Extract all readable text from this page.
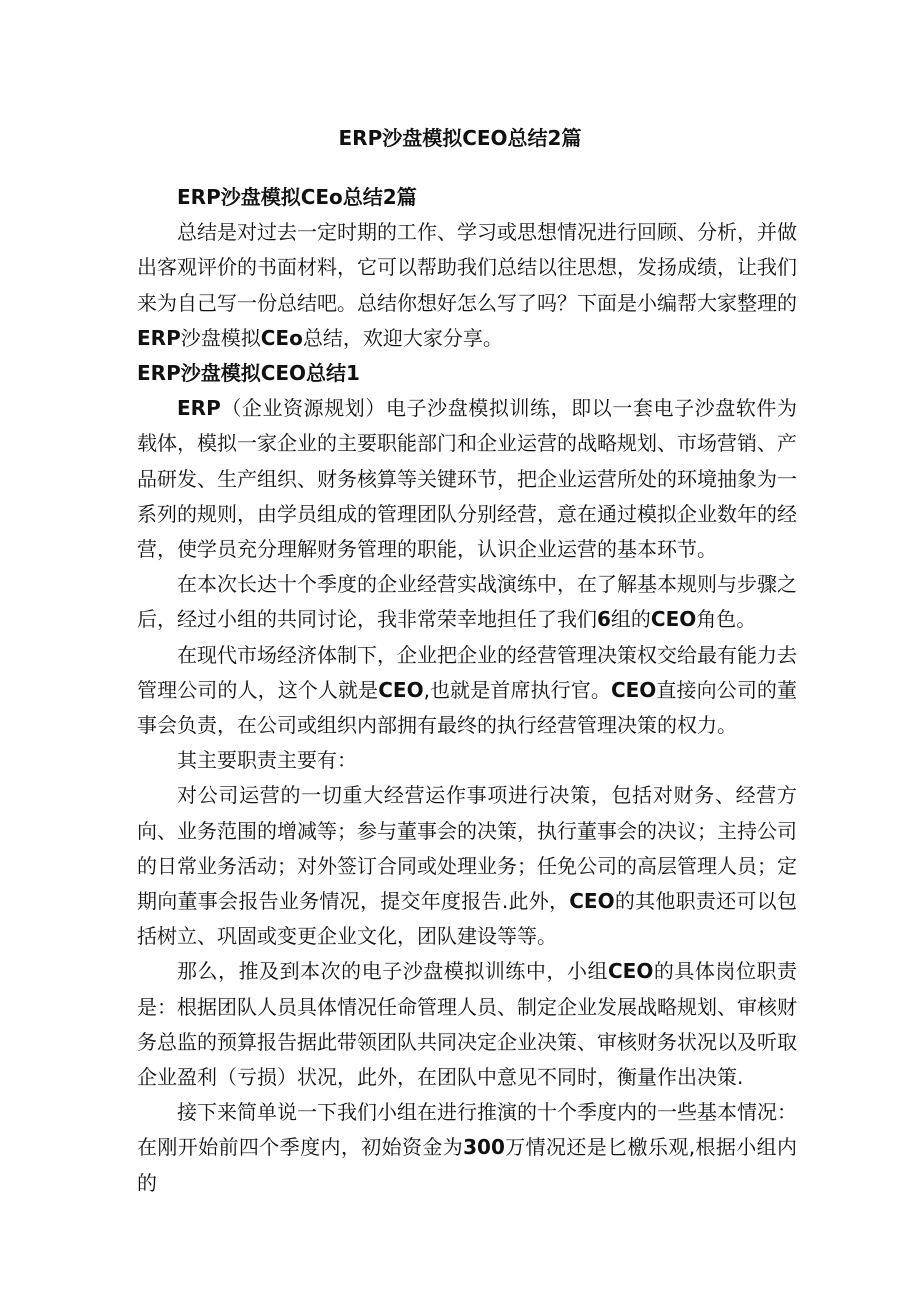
ERP沙盘模拟CEO总结2篇

ERP沙盘模拟CEo总结2篇

总结是对过去一定时期的工作、学习或思想情况进行回顾、分析，并做出客观评价的书面材料，它可以帮助我们总结以往思想，发扬成绩，让我们来为自己写一份总结吧。总结你想好怎么写了吗？下面是小编帮大家整理的ERP沙盘模拟CEo总结，欢迎大家分享。

ERP沙盘模拟CEO总结1

ERP（企业资源规划）电子沙盘模拟训练，即以一套电子沙盘软件为载体，模拟一家企业的主要职能部门和企业运营的战略规划、市场营销、产品研发、生产组织、财务核算等关键环节，把企业运营所处的环境抽象为一系列的规则，由学员组成的管理团队分别经营，意在通过模拟企业数年的经营，使学员充分理解财务管理的职能，认识企业运营的基本环节。

在本次长达十个季度的企业经营实战演练中，在了解基本规则与步骤之后，经过小组的共同讨论，我非常荣幸地担任了我们6组的CEO角色。

在现代市场经济体制下，企业把企业的经营管理决策权交给最有能力去管理公司的人，这个人就是CEO,也就是首席执行官。CEO直接向公司的董事会负责，在公司或组织内部拥有最终的执行经营管理决策的权力。

其主要职责主要有：

对公司运营的一切重大经营运作事项进行决策，包括对财务、经营方向、业务范围的增减等；参与董事会的决策，执行董事会的决议；主持公司的日常业务活动；对外签订合同或处理业务；任免公司的高层管理人员；定期向董事会报告业务情况，提交年度报告.此外，CEO的其他职责还可以包括树立、巩固或变更企业文化，团队建设等等。

那么，推及到本次的电子沙盘模拟训练中，小组CEO的具体岗位职责是：根据团队人员具体情况任命管理人员、制定企业发展战略规划、审核财务总监的预算报告据此带领团队共同决定企业决策、审核财务状况以及听取企业盈利（亏损）状况，此外，在团队中意见不同时，衡量作出决策.

接下来简单说一下我们小组在进行推演的十个季度内的一些基本情况：在刚开始前四个季度内，初始资金为300万情况还是匕檄乐观,根据小组内的
